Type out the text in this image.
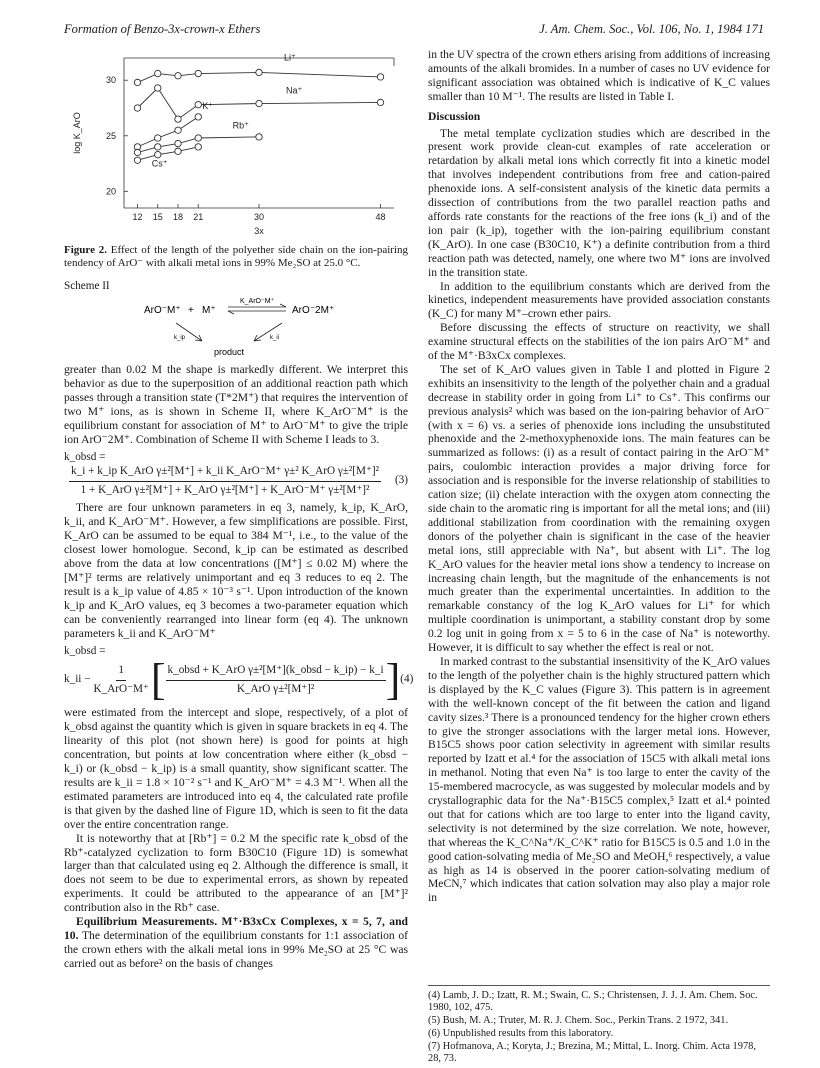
Formation of Benzo-3x-crown-x Ethers	J. Am. Chem. Soc., Vol. 106, No. 1, 1984 171
12 15 18 21	30	48
20
25
30
3x
log K_ArO
Li⁺
Na⁺
K⁺
Rb⁺
Cs⁺
Figure 2. Effect of the length of the polyether side chain on the ion-pairing tendency of ArO⁻ with alkali metal ions in 99% Me₂SO at 25.0 °C.
Scheme II
ArO⁻M⁺ + M⁺
K_ArO⁻M⁺
ArO⁻2M⁺
k_ip	k_ii
product

greater than 0.02 M the shape is markedly different. We interpret this behavior as due to the superposition of an additional reaction path which passes through a transition state (T*2M⁺) that requires the intervention of two M⁺ ions, as is shown in Scheme II, where K_ArO⁻M⁺ is the equilibrium constant for association of M⁺ to ArO⁻M⁺ to give the triple ion ArO⁻2M⁺. Combination of Scheme II with Scheme I leads to 3.

k_obsd =
$\frac{\text{k\_i + k\_ip K\_ArO γ±²[M⁺] + k\_ii K\_ArO⁻M⁺ γ±² K\_ArO γ±²[M⁺]²}}{\text{1 + K\_ArO γ±²[M⁺] + K\_ArO γ±²[M⁺] + K\_ArO⁻M⁺ γ±²[M⁺]²}} (3)$

There are four unknown parameters in eq 3, namely, k_ip, K_ArO, k_ii, and K_ArO⁻M⁺. However, a few simplifications are possible. First, K_ArO can be assumed to be equal to 384 M⁻¹, i.e., to the value of the closest lower homologue. Second, k_ip can be estimated as described above from the data at low concentrations ([M⁺] ≤ 0.02 M) where the [M⁺]² terms are relatively unimportant and eq 3 reduces to eq 2. The result is a k_ip value of 4.85 × 10⁻³ s⁻¹. Upon introduction of the known k_ip and K_ArO values, eq 3 becomes a two-parameter equation which can be conveniently rearranged into linear form (eq 4). The unknown parameters k_ii and K_ArO⁻M⁺

k_obsd =
k_ii − $\frac{1}{\text{K\_ArO⁻M⁺}}$ [ $\frac{\text{k\_obsd + K\_ArO γ±²[M⁺](k\_obsd − k\_ip) − k\_i}}{\text{K\_ArO γ±²[M⁺]²}}$ ] (4)

were estimated from the intercept and slope, respectively, of a plot of k_obsd against the quantity which is given in square brackets in eq 4. The linearity of this plot (not shown here) is good for points at high concentration, but points at low concentration where either (k_obsd − k_i) or (k_obsd − k_ip) is a small quantity, show significant scatter. The results are k_ii = 1.8 × 10⁻² s⁻¹ and K_ArO⁻M⁺ = 4.3 M⁻¹. When all the estimated parameters are introduced into eq 4, the calculated rate profile is that given by the dashed line of Figure 1D, which is seen to fit the data over the entire concentration range.

It is noteworthy that at [Rb⁺] = 0.2 M the specific rate k_obsd of the Rb⁺-catalyzed cyclization to form B30C10 (Figure 1D) is somewhat larger than that calculated using eq 2. Although the difference is small, it does not seem to be due to experimental errors, as shown by repeated experiments. It could be attributed to the appearance of an [M⁺]² contribution also in the Rb⁺ case.

Equilibrium Measurements. M⁺·B3xCx Complexes, x = 5, 7, and 10. The determination of the equilibrium constants for 1:1 association of the crown ethers with the alkali metal ions in 99% Me₂SO at 25 °C was carried out as before² on the basis of changes

in the UV spectra of the crown ethers arising from additions of increasing amounts of the alkali bromides. In a number of cases no UV evidence for significant association was obtained which is indicative of K_C values smaller than 10 M⁻¹. The results are listed in Table I.

Discussion

The metal template cyclization studies which are described in the present work provide clean-cut examples of rate acceleration or retardation by alkali metal ions which correctly fit into a kinetic model that involves independent contributions from free and cation-paired phenoxide ions. A self-consistent analysis of the kinetic data permits a dissection of contributions from the two parallel reaction paths and affords rate constants for the reactions of the free ions (k_i) and of the ion pair (k_ip), together with the ion-pairing equilibrium constant (K_ArO). In one case (B30C10, K⁺) a definite contribution from a third reaction path was detected, namely, one where two M⁺ ions are involved in the transition state.

In addition to the equilibrium constants which are derived from the kinetics, independent measurements have provided association constants (K_C) for many M⁺–crown ether pairs.

Before discussing the effects of structure on reactivity, we shall examine structural effects on the stabilities of the ion pairs ArO⁻M⁺ and of the M⁺·B3xCx complexes.

The set of K_ArO values given in Table I and plotted in Figure 2 exhibits an insensitivity to the length of the polyether chain and a gradual decrease in stability order in going from Li⁺ to Cs⁺. This confirms our previous analysis² which was based on the ion-pairing behavior of ArO⁻ (with x = 6) vs. a series of phenoxide ions including the unsubstituted phenoxide and the 2-methoxyphenoxide ions. The main features can be summarized as follows: (i) as a result of contact pairing in the ArO⁻M⁺ pairs, coulombic interaction provides a major driving force for association and is responsible for the inverse relationship of stabilities to cation size; (ii) chelate interaction with the oxygen atom connecting the side chain to the aromatic ring is important for all the metal ions; and (iii) additional stabilization from coordination with the remaining oxygen donors of the polyether chain is significant in the case of the heavier metal ions, still appreciable with Na⁺, but absent with Li⁺. The log K_ArO values for the heavier metal ions show a tendency to increase on increasing chain length, but the magnitude of the enhancements is not much greater than the experimental uncertainties. In addition to the remarkable constancy of the log K_ArO values for Li⁺ for which multiple coordination is unimportant, a stability constant drop by some 0.2 log unit in going from x = 5 to 6 in the case of Na⁺ is noteworthy. However, it is difficult to say whether the effect is real or not.

In marked contrast to the substantial insensitivity of the K_ArO values to the length of the polyether chain is the highly structured pattern which is displayed by the K_C values (Figure 3). This pattern is in agreement with the well-known concept of the fit between the cation and ligand cavity sizes.³ There is a pronounced tendency for the higher crown ethers to give the stronger associations with the larger metal ions. However, B15C5 shows poor cation selectivity in agreement with similar results reported by Izatt et al.⁴ for the association of 15C5 with alkali metal ions in methanol. Noting that even Na⁺ is too large to enter the cavity of the 15-membered macrocycle, as was suggested by molecular models and by crystallographic data for the Na⁺·B15C5 complex,⁵ Izatt et al.⁴ pointed out that for cations which are too large to enter into the ligand cavity, selectivity is not determined by the size correlation. We note, however, that whereas the K_C^Na⁺/K_C^K⁺ ratio for B15C5 is 0.5 and 1.0 in the good cation-solvating media of Me₂SO and MeOH,⁶ respectively, a value as high as 14 is observed in the poorer cation-solvating medium of MeCN,⁷ which indicates that cation solvation may also play a major role in

(4) Lamb, J. D.; Izatt, R. M.; Swain, C. S.; Christensen, J. J. J. Am. Chem. Soc. 1980, 102, 475.
(5) Bush, M. A.; Truter, M. R. J. Chem. Soc., Perkin Trans. 2 1972, 341.
(6) Unpublished results from this laboratory.
(7) Hofmanova, A.; Koryta, J.; Brezina, M.; Mittal, L. Inorg. Chim. Acta 1978, 28, 73.
